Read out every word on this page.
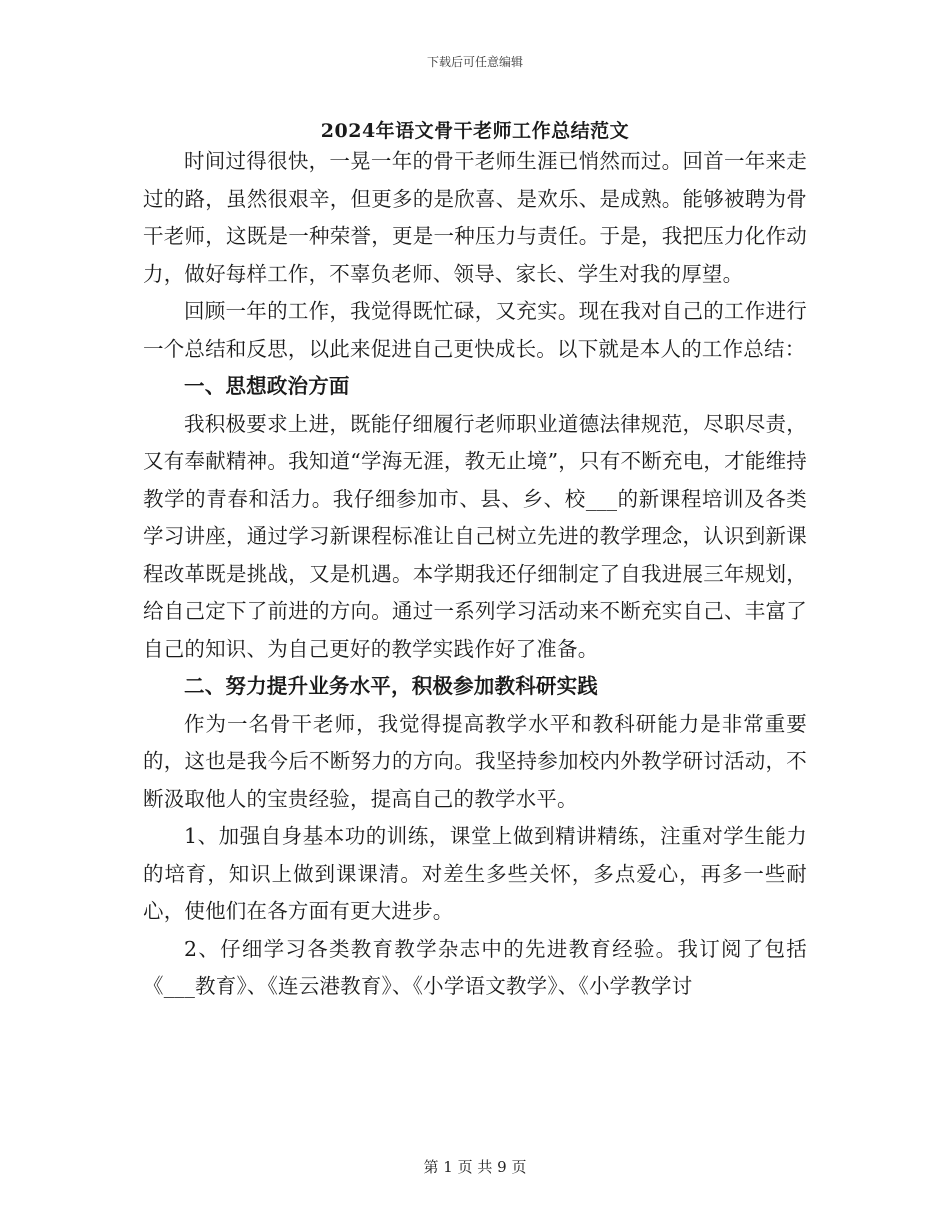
下载后可任意编辑
2024年语文骨干老师工作总结范文

时间过得很快，一晃一年的骨干老师生涯已悄然而过。回首一年来走过的路，虽然很艰辛，但更多的是欣喜、是欢乐、是成熟。能够被聘为骨干老师，这既是一种荣誉，更是一种压力与责任。于是，我把压力化作动力，做好每样工作，不辜负老师、领导、家长、学生对我的厚望。

回顾一年的工作，我觉得既忙碌，又充实。现在我对自己的工作进行一个总结和反思，以此来促进自己更快成长。以下就是本人的工作总结：

一、思想政治方面

我积极要求上进，既能仔细履行老师职业道德法律规范，尽职尽责，又有奉献精神。我知道“学海无涯，教无止境”，只有不断充电，才能维持教学的青春和活力。我仔细参加市、县、乡、校___的新课程培训及各类学习讲座，通过学习新课程标准让自己树立先进的教学理念，认识到新课程改革既是挑战，又是机遇。本学期我还仔细制定了自我进展三年规划，给自己定下了前进的方向。通过一系列学习活动来不断充实自己、丰富了自己的知识、为自己更好的教学实践作好了准备。

二、努力提升业务水平，积极参加教科研实践

作为一名骨干老师，我觉得提高教学水平和教科研能力是非常重要的，这也是我今后不断努力的方向。我坚持参加校内外教学研讨活动，不断汲取他人的宝贵经验，提高自己的教学水平。

1、加强自身基本功的训练，课堂上做到精讲精练，注重对学生能力的培育，知识上做到课课清。对差生多些关怀，多点爱心，再多一些耐心，使他们在各方面有更大进步。

2、仔细学习各类教育教学杂志中的先进教育经验。我订阅了包括《___教育》、《连云港教育》、《小学语文教学》、《小学教学讨

第 1 页 共 9 页
